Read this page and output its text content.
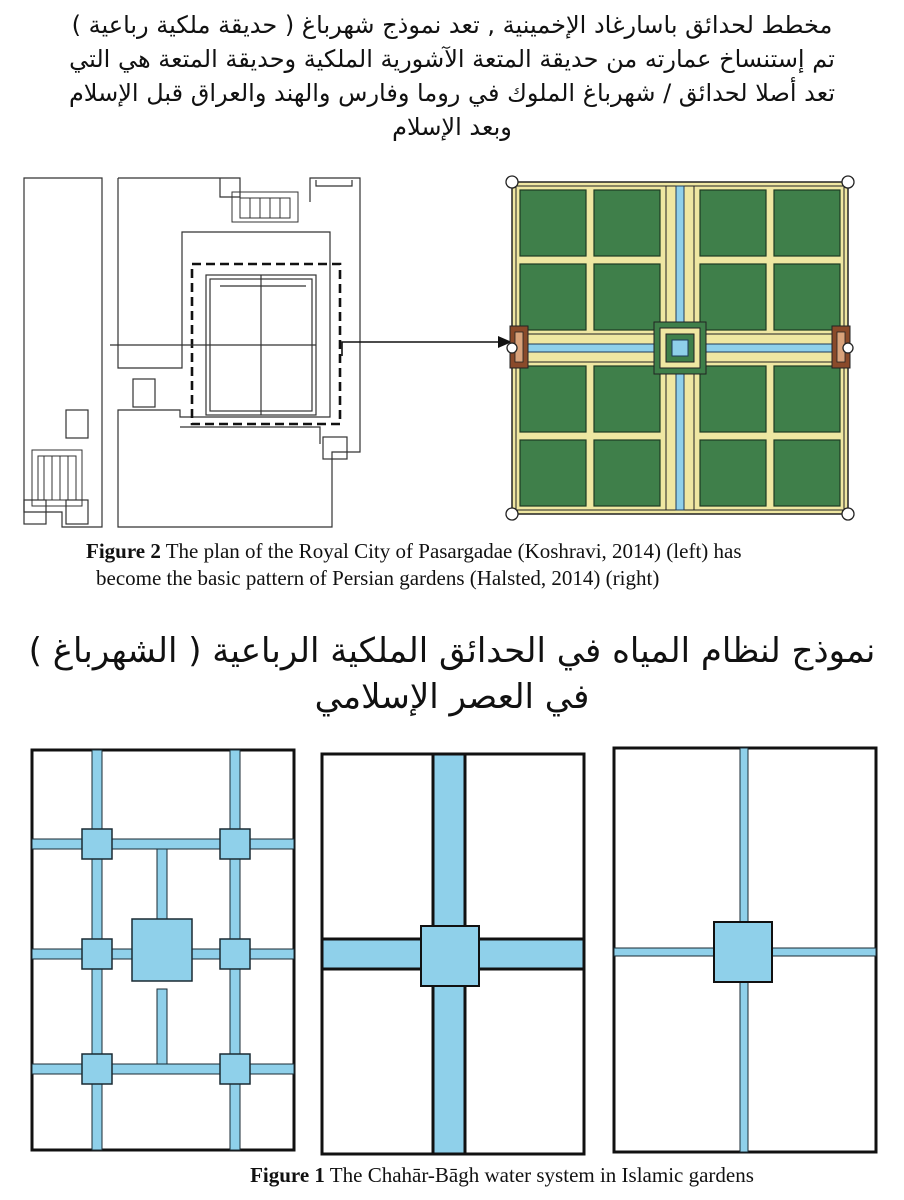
مخطط لحدائق باسارغاد الإخمينية , تعد نموذج شهرباغ ( حديقة ملكية رباعية )
تم إستنساخ عمارته من حديقة المتعة الآشورية الملكية وحديقة المتعة هي التي
تعد أصلا لحدائق / شهرباغ الملوك في روما وفارس والهند والعراق قبل الإسلام
وبعد الإسلام
Figure 2 The plan of the Royal City of Pasargadae (Koshravi, 2014) (left) has
become the basic pattern of Persian gardens (Halsted, 2014) (right)
نموذج لنظام المياه في الحدائق الملكية الرباعية ( الشهرباغ )
في العصر الإسلامي
Figure 1 The Chahār-Bāgh water system in Islamic gardens
